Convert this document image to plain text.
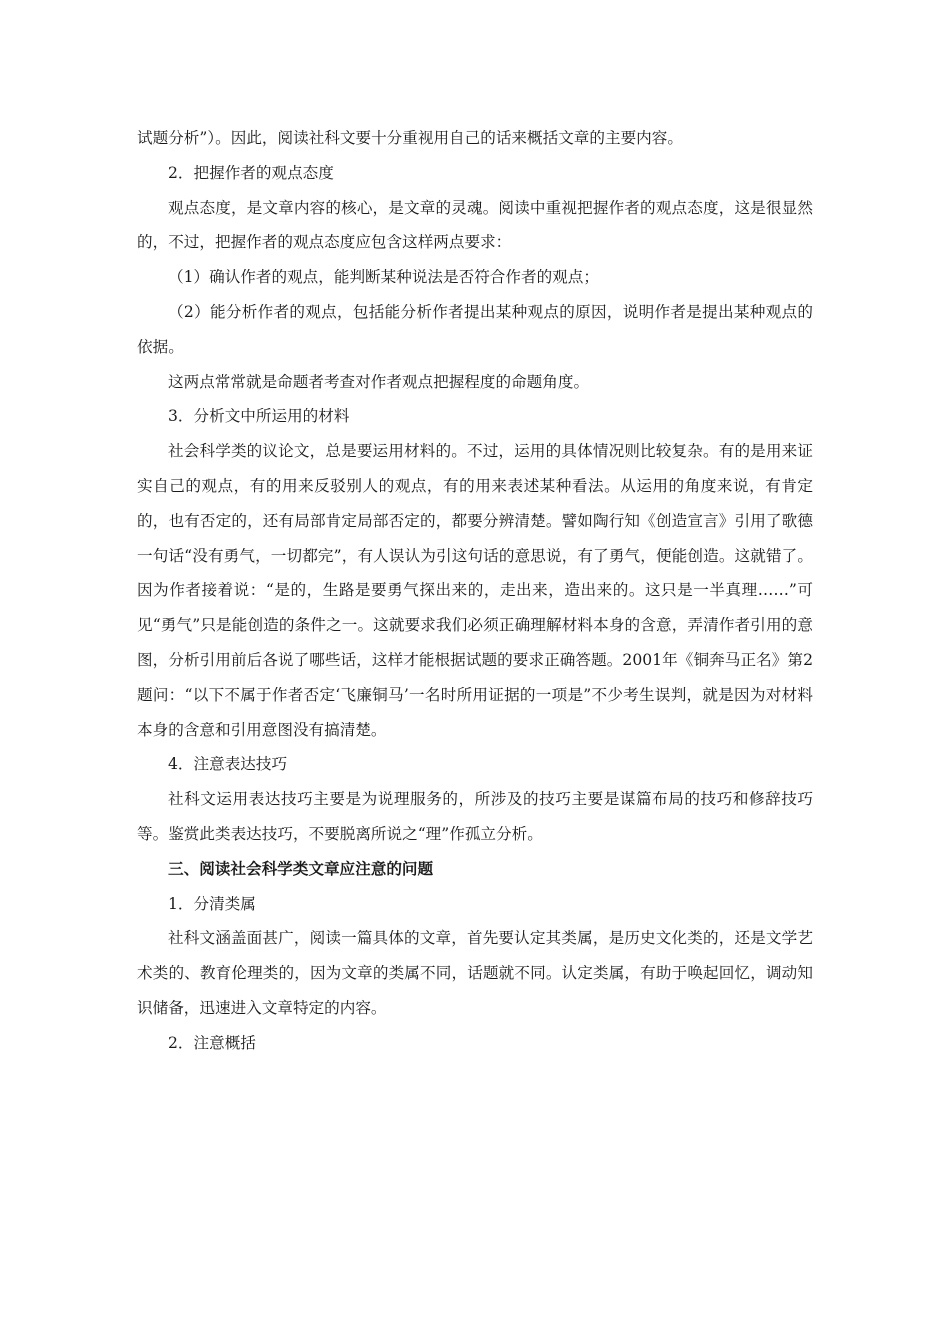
试题分析”）。因此，阅读社科文要十分重视用自己的话来概括文章的主要内容。

2．把握作者的观点态度

观点态度，是文章内容的核心，是文章的灵魂。阅读中重视把握作者的观点态度，这是很显然的，不过，把握作者的观点态度应包含这样两点要求：

（1）确认作者的观点，能判断某种说法是否符合作者的观点；

（2）能分析作者的观点，包括能分析作者提出某种观点的原因，说明作者是提出某种观点的依据。

这两点常常就是命题者考查对作者观点把握程度的命题角度。

3．分析文中所运用的材料

社会科学类的议论文，总是要运用材料的。不过，运用的具体情况则比较复杂。有的是用来证实自己的观点，有的用来反驳别人的观点，有的用来表述某种看法。从运用的角度来说，有肯定的，也有否定的，还有局部肯定局部否定的，都要分辨清楚。譬如陶行知《创造宣言》引用了歌德一句话“没有勇气，一切都完”，有人误认为引这句话的意思说，有了勇气，便能创造。这就错了。因为作者接着说：“是的，生路是要勇气探出来的，走出来，造出来的。这只是一半真理……”可见“勇气”只是能创造的条件之一。这就要求我们必须正确理解材料本身的含意，弄清作者引用的意图，分析引用前后各说了哪些话，这样才能根据试题的要求正确答题。2001年《铜奔马正名》第2题问：“以下不属于作者否定‘飞廉铜马’一名时所用证据的一项是”不少考生误判，就是因为对材料本身的含意和引用意图没有搞清楚。

4．注意表达技巧

社科文运用表达技巧主要是为说理服务的，所涉及的技巧主要是谋篇布局的技巧和修辞技巧等。鉴赏此类表达技巧，不要脱离所说之“理”作孤立分析。

三、阅读社会科学类文章应注意的问题

1．分清类属

社科文涵盖面甚广，阅读一篇具体的文章，首先要认定其类属，是历史文化类的，还是文学艺术类的、教育伦理类的，因为文章的类属不同，话题就不同。认定类属，有助于唤起回忆，调动知识储备，迅速进入文章特定的内容。

2．注意概括
